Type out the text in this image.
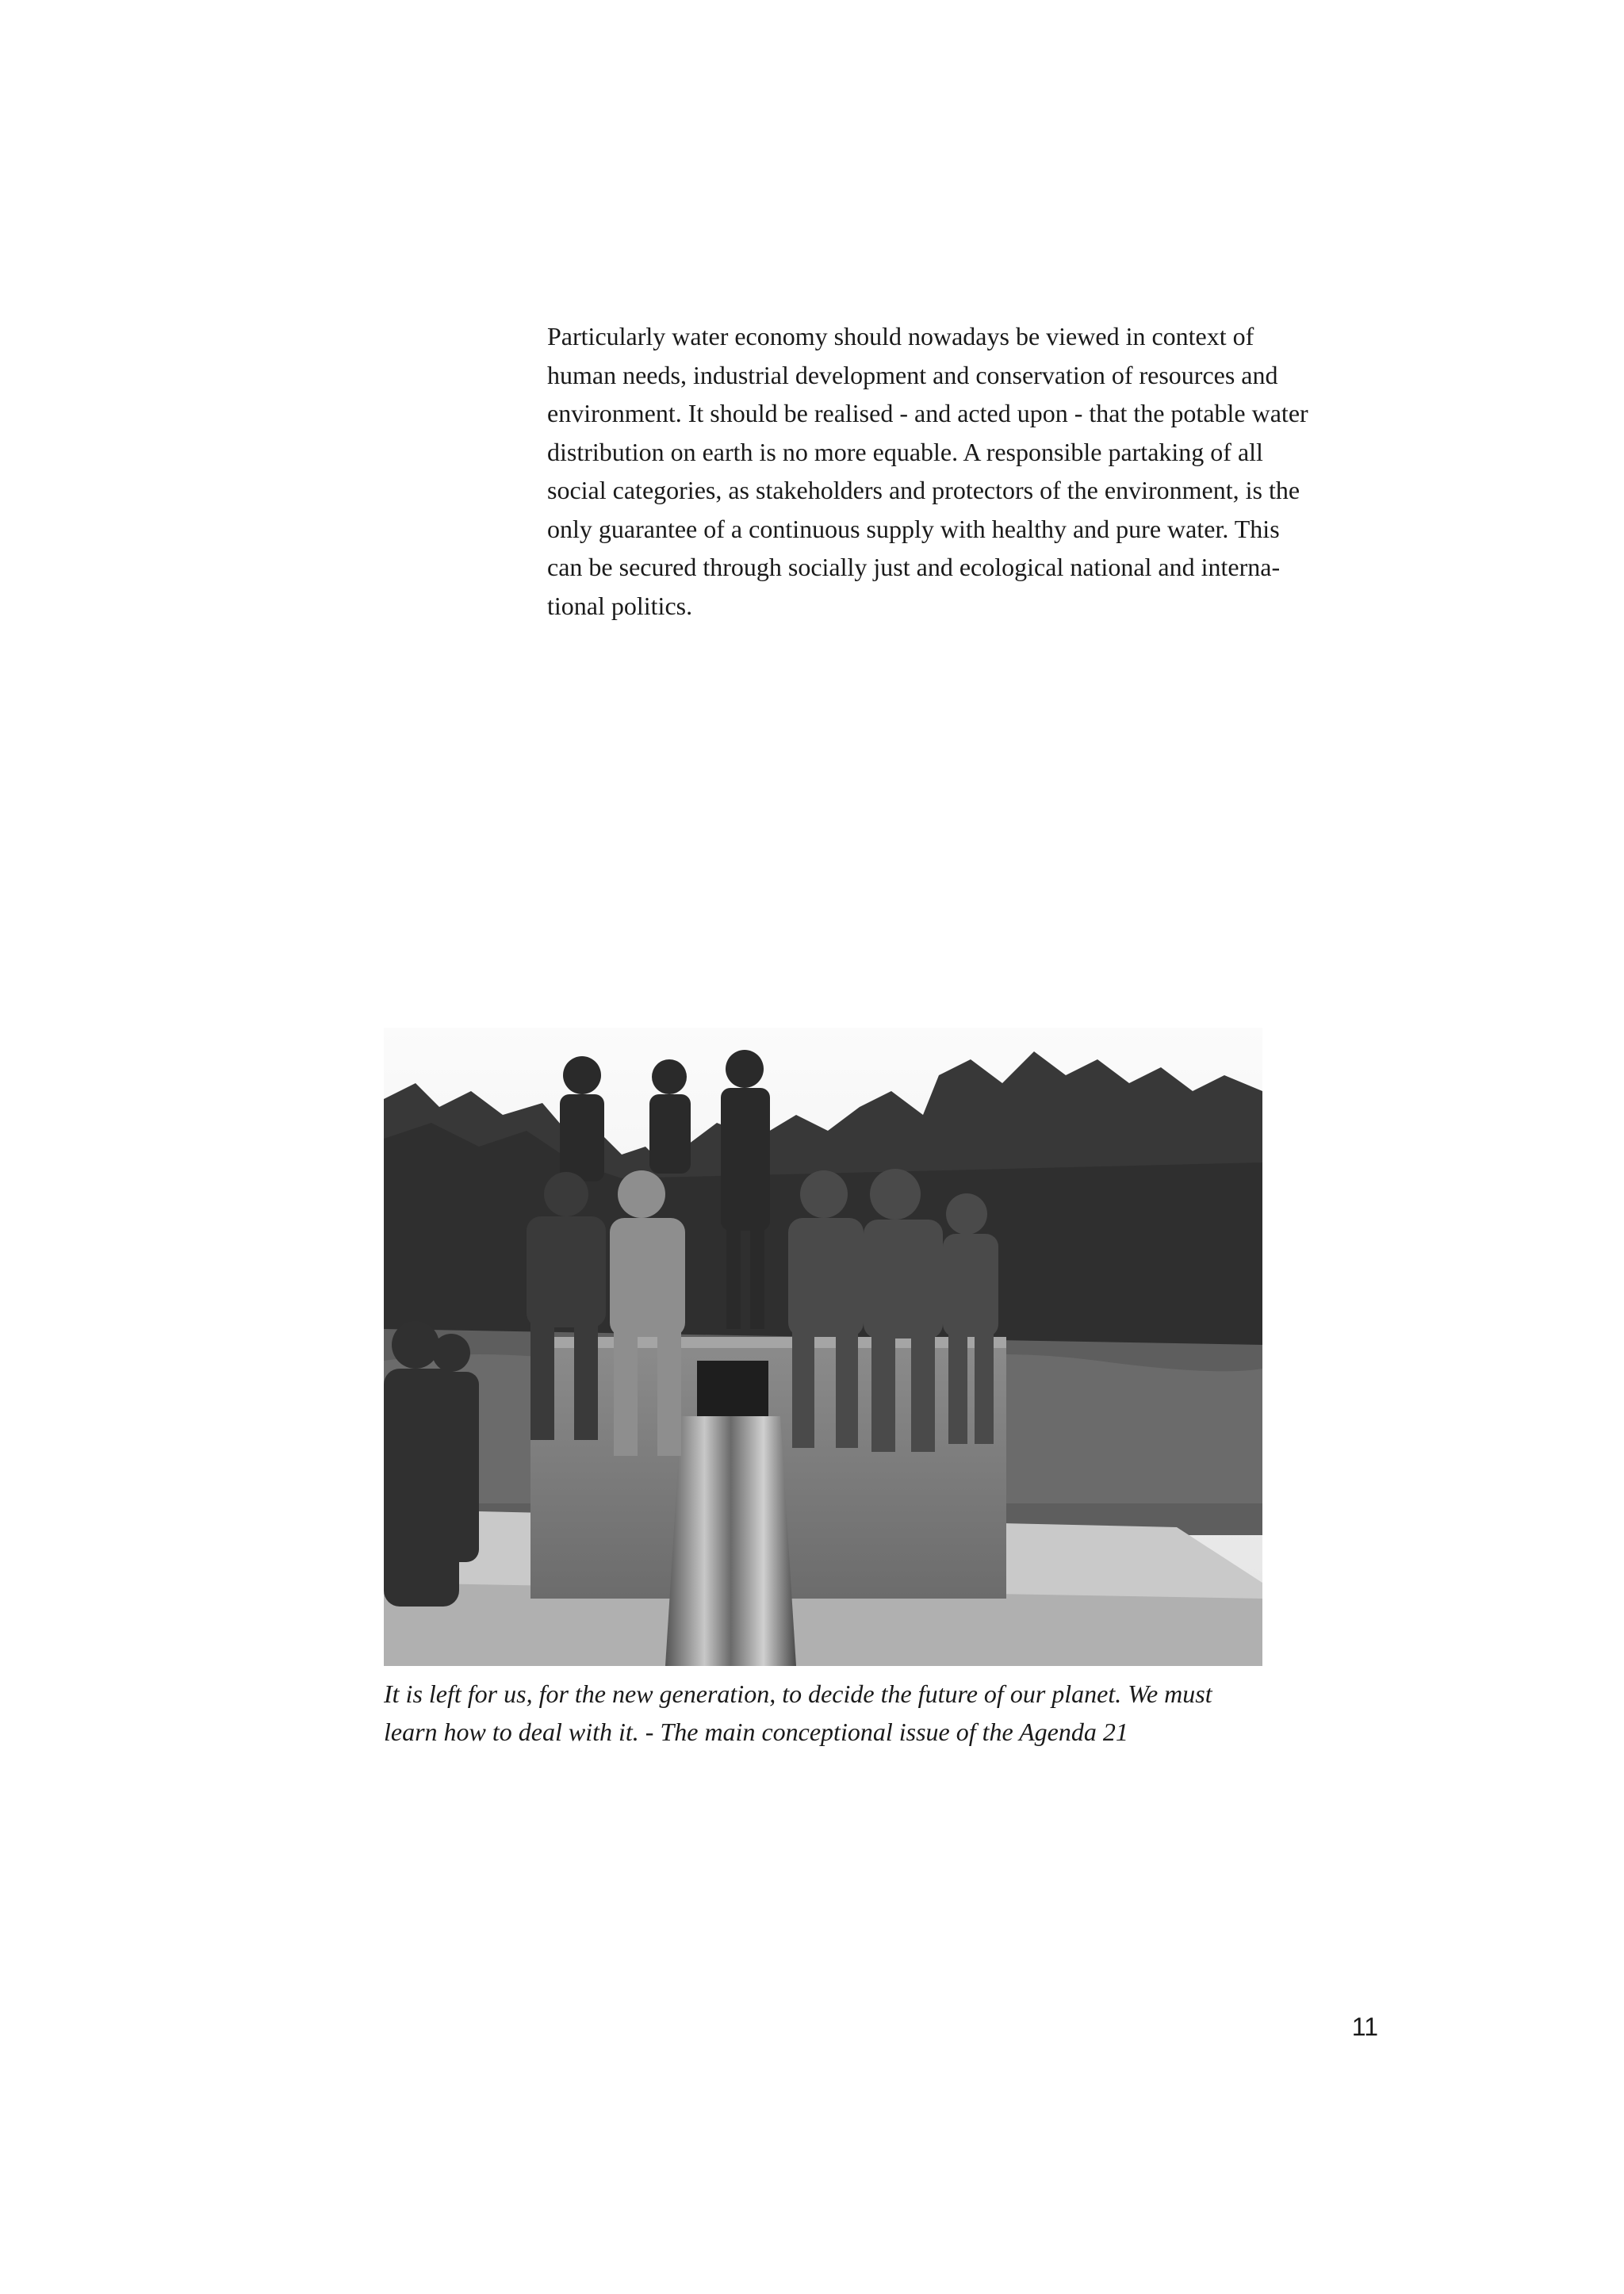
Particularly water economy should nowadays be viewed in context of
human needs, industrial development and conservation of resources and
environment. It should be realised - and acted upon - that the potable water
distribution on earth is no more equable. A responsible partaking of all
social categories, as stakeholders and protectors of the environment, is the
only guarantee of a continuous supply with healthy and pure water. This
can be secured through socially just and ecological national and interna-
tional politics.
It is left for us, for the new generation, to decide the future of our planet. We must
learn how to deal with it. - The main conceptional issue of the Agenda 21
11
